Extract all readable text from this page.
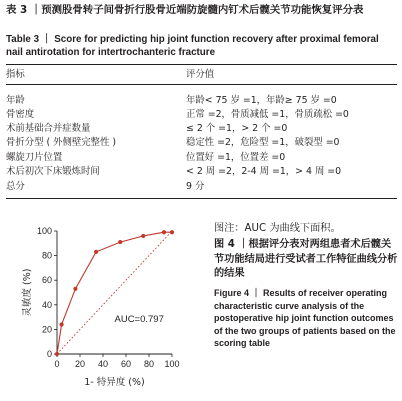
表 3 ｜预测股骨转子间骨折行股骨近端防旋髓内钉术后髋关节功能恢复评分表
Table 3 ｜ Score for predicting hip joint function recovery after proximal femoral nail antirotation for intertrochanteric fracture
指标	评分值
年龄	年龄< 75 岁 =1，年龄≥ 75 岁 =0
骨密度	正常 =2，骨质减低 =1，骨质疏松 =0
术前基础合并症数量	≤ 2 个 =1，> 2 个 =0
骨折分型 ( 外侧壁完整性 )	稳定性 =2，危险型 =1，破裂型 =0
螺旋刀片位置	位置好 =1，位置差 =0
术后初次下床锻炼时间	< 2 周 =2，2-4 周 =1，> 4 周 =0
总分	9 分
0 20 40 60 80 100
0
20
40
60
80
100
AUC=0.797
1- 特异度 (%)
灵敏度 (%)
图注：AUC 为曲线下面积。
图 4 ｜根据评分表对两组患者术后髋关节功能结局进行受试者工作特征曲线分析的结果
Figure 4 ｜ Results of receiver operating characteristic curve analysis of the postoperative hip joint function outcomes of the two groups of patients based on the scoring table
